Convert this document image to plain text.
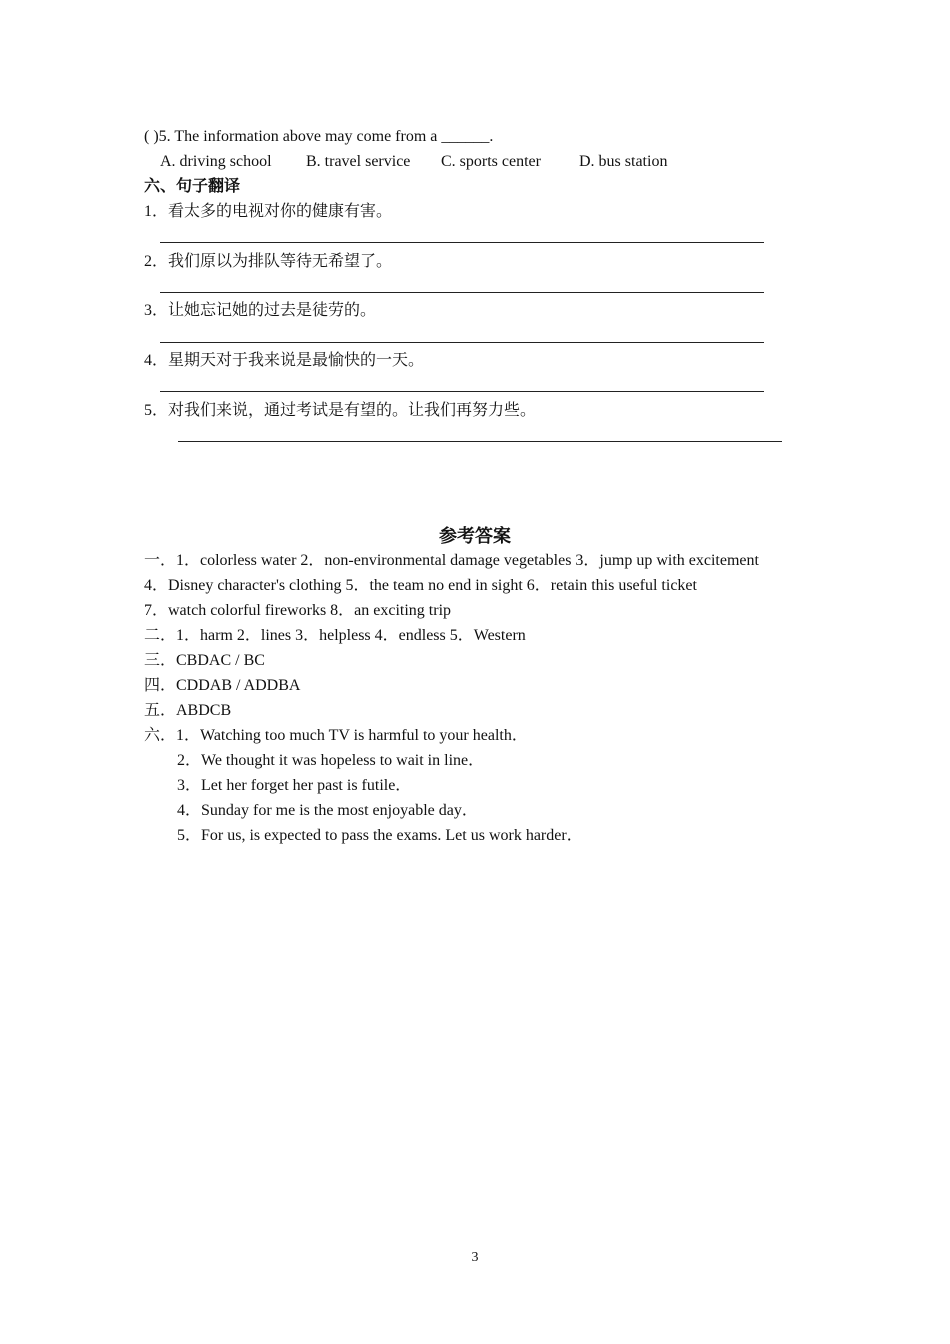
( )5. The information above may come from a ______.
A. driving school B. travel service C. sports center D. bus station
六、句子翻译
1．看太多的电视对你的健康有害。
2．我们原以为排队等待无希望了。
3．让她忘记她的过去是徒劳的。
4．星期天对于我来说是最愉快的一天。
5．对我们来说，通过考试是有望的。让我们再努力些。
参考答案
一．1．colorless water 2．non-environmental damage vegetables 3．jump up with excitement
4．Disney character's clothing 5．the team no end in sight 6．retain this useful ticket
7．watch colorful fireworks 8．an exciting trip
二．1．harm 2．lines 3．helpless 4．endless 5．Western
三．CBDAC / BC
四．CDDAB / ADDBA
五．ABDCB
六．1．Watching too much TV is harmful to your health．
2．We thought it was hopeless to wait in line．
3．Let her forget her past is futile．
4．Sunday for me is the most enjoyable day．
5．For us, is expected to pass the exams. Let us work harder．
3
